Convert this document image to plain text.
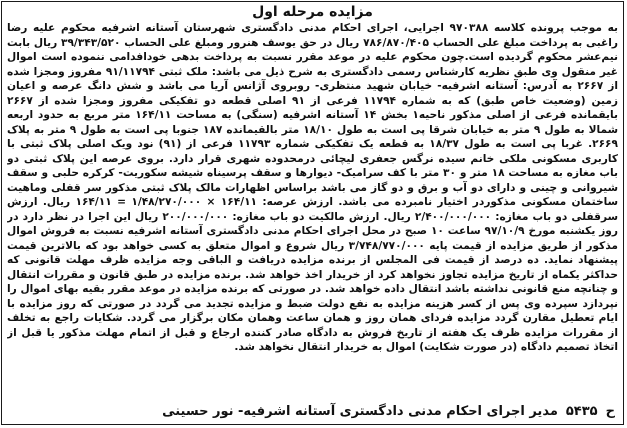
مزایده مرحله اول

به موجب پرونده کلاسه ۹۷۰۳۸۸ اجرایی، اجرای احکام مدنی دادگستری شهرستان آستانه اشرفیه محکوم علیه رضا راغبی به پرداخت مبلغ علی الحساب ۷۸۶/۸۷۰/۴۰۵ ریال در حق یوسف هنرور ومبلغ علی الحساب ۳۹/۳۴۳/۵۲۰ ریال بابت نیم‌عشر محکوم گردیده است.چون محکوم علیه در موعد مقرر نسبت به پرداخت بدهی خودافدامی ننموده است اموال غیر منقول وی طبق نظریه کارشناس رسمی دادگستری به شرح ذیل می باشد: ملک ثبتی ۹۱/۱۱۷۹۴ مفروز ومجزا شده از ۲۶۶۷ به آدرس: آستانه اشرفیه- خیابان شهید منتظری- روبروی آژانس آریا می باشد و شش دانگ عرصه و اعیان زمین (وضعیت خاص طبق) که به شماره ۱۱۷۹۴ فرعی از ۹۱ اصلی قطعه دو تفکیکی مفروز ومجزا شده از ۲۶۶۷ بایقمانده فرعی از اصلی مذکور ناحیه۱ بخش ۱۴ آستانه اشرفیه (سنگی) به مساحت ۱۶۴/۱۱ متر مربع به حدود اربعه شمالا به طول ۹ متر به خیابان شرقا پی است به طول ۱۸/۱۰ متر بالقیمانده ۱۸۷ جنوبا پی است به طول ۹ متر به پلاک ۲۶۶۹. غربا پی است به طول ۱۸/۳۷ به قطعه یک تفکیکی شماره ۱۱۷۹۳ فرعی از (۹۱) نود ویک اصلی پلاک ثبتی با کاربری مسکونی ملکی خانم سیده نرگس جعفری لیچائی درمحدوده شهری قرار دارد. بروی عرصه این پلاک ثبتی دو باب مغازه به مساحت ۱۸ متر و ۳۰ متر با کف سرامیک- دیوارها و سقف پرسیناه شیشه سکوریت- کرکره حلبی و سقف شیروانی و چینی و دارای دو آب و برق و دو گاز می باشد براساس اظهارات مالک پلاک ثبتی مذکور سر قفلی وماهیت ساختمان مسکونی مذکوردر اختیار نامبرده می باشد. ارزش عرصه: ۱۶۴/۱۱ × ۱/۴۸/۲۷۰/۰۰۰ = ۱۶۴/۱۱ ریال. ارزش سرقفلی دو باب مغازه: ۲/۴۰۰/۰۰۰/۰۰۰ ریال. ارزش مالکیت دو باب مغازه: ۲۰۰/۰۰۰/۰۰۰ ریال این اجرا در نظر دارد در روز یکشنبه مورخ ۹۷/۱۰/۹ ساعت ۱۰ صبح در محل اجرای احکام مدنی دادگستری آستانه اشرفیه نسبت به فروش اموال مذکور از طریق مزایده از قیمت پایه ۳/۷۴۸/۷۷۰/۰۰۰ ریال شروع و اموال متعلق به کسی خواهد بود که بالاترین قیمت پیشنهاد نماید. ده درصد از قیمت فی المجلس از برنده مزایده دریافت و الباقی وجه مزایده ظرف مهلت قانونی که حداکثر یکماه از تاریخ مزایده تجاوز نخواهد کرد از خریدار اخذ خواهد شد. برنده مزایده در طبق قانون و مقررات انتقال و چنانچه منع قانونی نداشته باشد انتقال داده خواهد شد. در صورتی که برنده مزایده در موعد مقرر بقیه بهای اموال را نپردازد سپرده وی پس از کسر هزینه مزایده به نفع دولت ضبط و مزایده تجدید می گردد در صورتی که روز مزایده با ایام تعطیل مقارن گردد مزایده فردای همان روز و همان ساعت وهمان مکان برگزار می گردد. شکایات راجع به تخلف از مقررات مزایده ظرف یک هفته از تاریخ فروش به دادگاه صادر کننده ارجاع و قبل از اتمام مهلت مذکور یا قبل از اتخاذ تصمیم دادگاه (در صورت شکایت) اموال به خریدار انتقال نخواهد شد.

ح
۵۴۳۵
مدیر اجرای احکام مدنی دادگستری آستانه اشرفیه- نور حسینی
